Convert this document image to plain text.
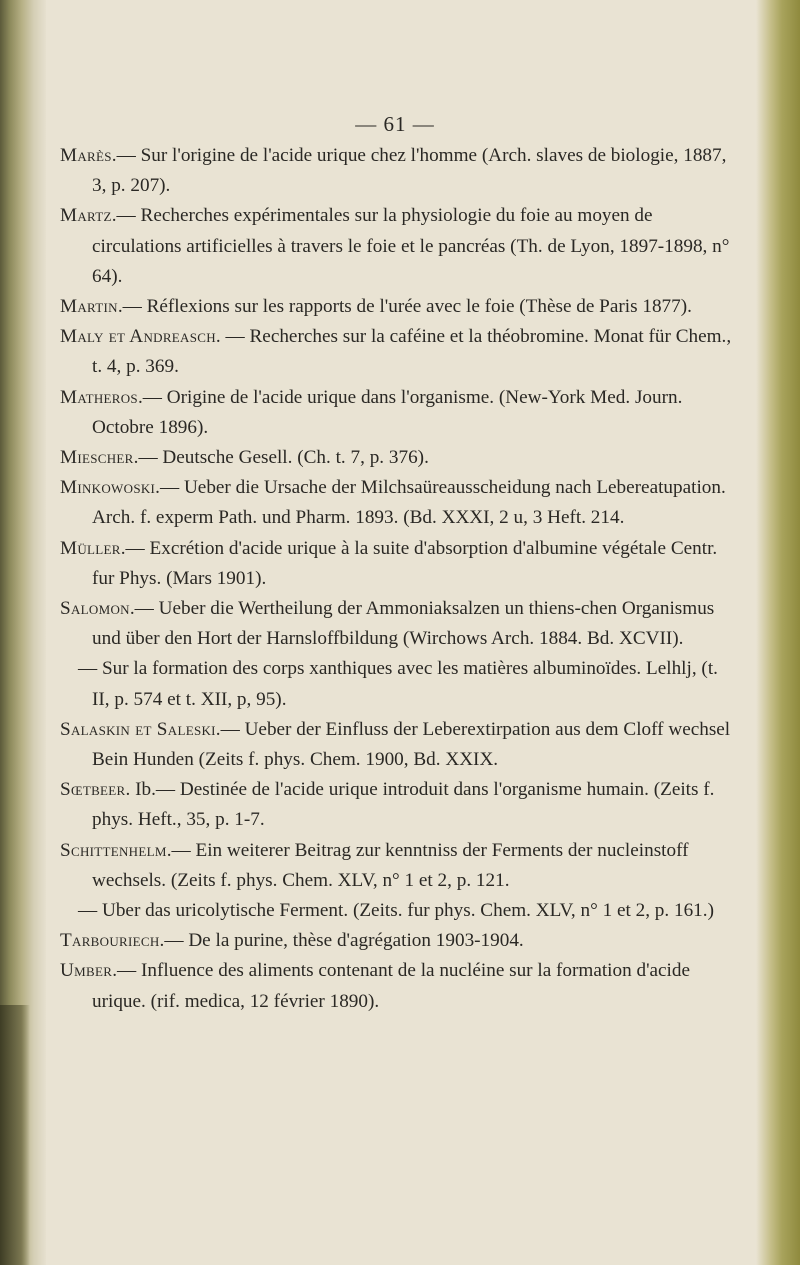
— 61 —
Marès.— Sur l'origine de l'acide urique chez l'homme (Arch. slaves de biologie, 1887, 3, p. 207).
Martz.— Recherches expérimentales sur la physiologie du foie au moyen de circulations artificielles à travers le foie et le pancréas (Th. de Lyon, 1897-1898, n° 64).
Martin.— Réflexions sur les rapports de l'urée avec le foie (Thèse de Paris 1877).
Maly et Andreasch. — Recherches sur la caféine et la théobromine. Monat für Chem., t. 4, p. 369.
Matheros.— Origine de l'acide urique dans l'organisme. (New-York Med. Journ. Octobre 1896).
Miescher.— Deutsche Gesell. (Ch. t. 7, p. 376).
Minkowoski.— Ueber die Ursache der Milchsaüreausscheidung nach Lebereatupation. Arch. f. experm Path. und Pharm. 1893. (Bd. XXXI, 2 u, 3 Heft. 214.
Müller.— Excrétion d'acide urique à la suite d'absorption d'albumine végétale Centr. fur Phys. (Mars 1901).
Salomon.— Ueber die Wertheilung der Ammoniaksalzen un thiens-chen Organismus und über den Hort der Harnsloffbildung (Wirchows Arch. 1884. Bd. XCVII).
— Sur la formation des corps xanthiques avec les matières albuminoïdes. Lelhlj, (t. II, p. 574 et t. XII, p, 95).
Salaskin et Saleski.— Ueber der Einfluss der Leberextirpation aus dem Cloff wechsel Bein Hunden (Zeits f. phys. Chem. 1900, Bd. XXIX.
Sœtbeer. Ib.— Destinée de l'acide urique introduit dans l'organisme humain. (Zeits f. phys. Heft., 35, p. 1-7.
Schittenhelm.— Ein weiterer Beitrag zur kenntniss der Ferments der nucleinstoff wechsels. (Zeits f. phys. Chem. XLV, n° 1 et 2, p. 121.
— Uber das uricolytische Ferment. (Zeits. fur phys. Chem. XLV, n° 1 et 2, p. 161.)
Tarbouriech.— De la purine, thèse d'agrégation 1903-1904.
Umber.— Influence des aliments contenant de la nucléine sur la formation d'acide urique. (rif. medica, 12 février 1890).
